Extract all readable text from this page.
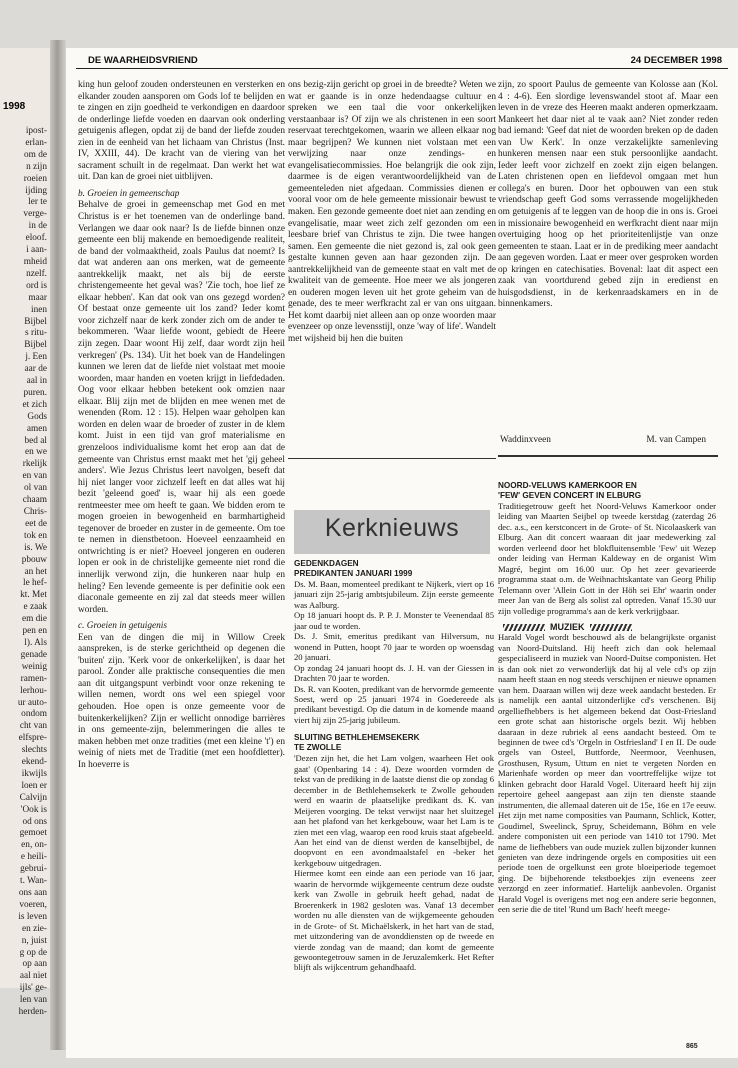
1998
ipost-
erlan-
om de
n zijn
roeien
ijding
ler te
verge-
in de
eloof.
i aan-
mheid
nzelf.
ord is
maar
inen
Bijbel
s ritu-
Bijbel
j. Een
aar de
aal in
puren.
et zich
Gods
amen
bed al
en we
rkelijk
en van
ol van
chaam
Chris-
eet de
tok en
is. We
pbouw
an het
le hef-
kt. Met
e zaak
em die
pen en
l). Als
genade
weinig
ramen-
lerhou-
ur auto-
ondom
cht van
elfspre-
slechts
ekend-
ikwijls
loen er
Calvijn
'Ook is
od ons
gemoet
en, on-
e heili-
gebrui-
t. Wan-
ons aan
voeren,
is leven
en zie-
n, juist
g op de
op aan
aal niet
ijls' ge-
len van
herden-
DE WAARHEIDSVRIEND	24 DECEMBER 1998

king hun geloof zouden ondersteunen en versterken en elkander zouden aansporen om Gods lof te belijden en te zingen en zijn goedheid te verkondigen en daardoor de onderlinge liefde voeden en daarvan ook onderling getuigenis aflegen, opdat zij de band der liefde zouden zien in de eenheid van het lichaam van Christus (Inst. IV, XXIII, 44). De kracht van de viering van het sacrament schuilt in de regelmaat. Dan werkt het wat uit. Dan kan de groei niet uitblijven.

b. Groeien in gemeenschap

Behalve de groei in gemeenschap met God en met Christus is er het toenemen van de onderlinge band. Verlangen we daar ook naar? Is de liefde binnen onze gemeente een blij makende en bemoedigende realiteit, de band der volmaaktheid, zoals Paulus dat noemt? Is dat wat anderen aan ons merken, wat de gemeente aantrekkelijk maakt, net als bij de eerste christengemeente het geval was? 'Zie toch, hoe lief ze elkaar hebben'. Kan dat ook van ons gezegd worden? Of bestaat onze gemeente uit los zand? Ieder komt voor zichzelf naar de kerk zonder zich om de ander te bekommeren. 'Waar liefde woont, gebiedt de Heere zijn zegen. Daar woont Hij zelf, daar wordt zijn heil verkregen' (Ps. 134). Uit het boek van de Handelingen kunnen we leren dat de liefde niet volstaat met mooie woorden, maar handen en voeten krijgt in liefdedaden. Oog voor elkaar hebben betekent ook omzien naar elkaar. Blij zijn met de blijden en mee wenen met de wenenden (Rom. 12 : 15). Helpen waar geholpen kan worden en delen waar de broeder of zuster in de klem komt. Juist in een tijd van grof materialisme en grenzeloos individualisme komt het erop aan dat de gemeente van Christus ernst maakt met het 'gij geheel anders'. Wie Jezus Christus leert navolgen, beseft dat hij niet langer voor zichzelf leeft en dat alles wat hij bezit 'geleend goed' is, waar hij als een goede rentmeester mee om heeft te gaan. We bidden erom te mogen groeien in bewogenheid en barmhartigheid tegenover de broeder en zuster in de gemeente. Om toe te nemen in dienstbetoon. Hoeveel eenzaamheid en ontwrichting is er niet? Hoeveel jongeren en ouderen lopen er ook in de christelijke gemeente niet rond die innerlijk verwond zijn, die hunkeren naar hulp en heling? Een levende gemeente is per definitie ook een diaconale gemeente en zij zal dat steeds meer willen worden.

c. Groeien in getuigenis

Een van de dingen die mij in Willow Creek aanspreken, is de sterke gerichtheid op degenen die 'buiten' zijn. 'Kerk voor de onkerkelijken', is daar het parool. Zonder alle praktische consequenties die men aan dit uitgangspunt verbindt voor onze rekening te willen nemen, wordt ons wel een spiegel voor gehouden. Hoe open is onze gemeente voor de buitenkerkelijken? Zijn er wellicht onnodige barrières in ons gemeente-zijn, belemmeringen die alles te maken hebben met onze tradities (met een kleine 't') en weinig of niets met de Traditie (met een hoofdletter). In hoeverre is

ons bezig-zijn gericht op groei in de breedte? Weten we wat er gaande is in onze hedendaagse cultuur en spreken we een taal die voor onkerkelijken verstaanbaar is? Of zijn we als christenen in een soort reservaat terechtgekomen, waarin we alleen elkaar nog maar begrijpen? We kunnen niet volstaan met een verwijzing naar onze zendings- en evangelisatiecommissies. Hoe belangrijk die ook zijn, daarmee is de eigen verantwoordelijkheid van de gemeenteleden niet afgedaan. Commissies dienen er vooral voor om de hele gemeente missionair bewust te maken. Een gezonde gemeente doet niet aan zending en evangelisatie, maar weet zich zelf gezonden om een leesbare brief van Christus te zijn. Die twee hangen samen. Een gemeente die niet gezond is, zal ook geen gestalte kunnen geven aan haar gezonden zijn. De aantrekkelijkheid van de gemeente staat en valt met de kwaliteit van de gemeente. Hoe meer we als jongeren en ouderen mogen leven uit het grote geheim van de genade, des te meer werfkracht zal er van ons uitgaan. Het komt daarbij niet alleen aan op onze woorden maar evenzeer op onze levensstijl, onze 'way of life'. Wandelt met wijsheid bij hen die buiten

zijn, zo spoort Paulus de gemeente van Kolosse aan (Kol. 4 : 4-6). Een slordige levenswandel stoot af. Maar een leven in de vreze des Heeren maakt anderen opmerkzaam. Mankeert het daar niet al te vaak aan? Niet zonder reden bad iemand: 'Geef dat niet de woorden breken op de daden van Uw Kerk'. In onze verzakelijkte samenleving hunkeren mensen naar een stuk persoonlijke aandacht. Ieder leeft voor zichzelf en zoekt zijn eigen belangen. Laten christenen open en liefdevol omgaan met hun collega's en buren. Door het opbouwen van een stuk vriendschap geeft God soms verrassende mogelijkheden om getuigenis af te leggen van de hoop die in ons is. Groei in missionaire bewogenheid en werfkracht dient naar mijn overtuiging hoog op het prioriteitenlijstje van onze gemeenten te staan. Laat er in de prediking meer aandacht aan gegeven worden. Laat er meer over gesproken worden op kringen en catechisaties. Bovenal: laat dit aspect een zaak van voortdurend gebed zijn in eredienst en huisgodsdienst, in de kerkenraadskamers en in de binnenkamers.

Waddinxveen	M. van Campen
Kerknieuws
GEDENKDAGEN
PREDIKANTEN JANUARI 1999

Ds. M. Baan, momenteel predikant te Nijkerk, viert op 16 januari zijn 25-jarig ambtsjubileum. Zijn eerste gemeente was Aalburg.

Op 18 januari hoopt ds. P. P. J. Monster te Veenendaal 85 jaar oud te worden.

Ds. J. Smit, emeritus predikant van Hilversum, nu wonend in Putten, hoopt 70 jaar te worden op woensdag 20 januari.

Op zondag 24 januari hoopt ds. J. H. van der Giessen in Drachten 70 jaar te worden.

Ds. R. van Kooten, predikant van de hervormde gemeente Soest, werd op 25 januari 1974 in Goedereede als predikant bevestigd. Op die datum in de komende maand viert hij zijn 25-jarig jubileum.

SLUITING BETHLEHEMSEKERK
TE ZWOLLE

'Dezen zijn het, die het Lam volgen, waarheen Het ook gaat' (Openbaring 14 : 4). Deze woorden vormden de tekst van de prediking in de laatste dienst die op zondag 6 december in de Bethlehemsekerk te Zwolle gehouden werd en waarin de plaatselijke predikant ds. K. van Meijeren voorging. De tekst verwijst naar het sluitzegel aan het plafond van het kerkgebouw, waar het Lam is te zien met een vlag, waarop een rood kruis staat afgebeeld. Aan het eind van de dienst werden de kanselbijbel, de doopvont en een avondmaalstafel en -beker het kerkgebouw uitgedragen.

Hiermee komt een einde aan een periode van 16 jaar, waarin de hervormde wijkgemeente centrum deze oudste kerk van Zwolle in gebruik heeft gehad, nadat de Broerenkerk in 1982 gesloten was. Vanaf 13 december worden nu alle diensten van de wijkgemeente gehouden in de Grote- of St. Michaëlskerk, in het hart van de stad, met uitzondering van de avonddiensten op de tweede en vierde zondag van de maand; dan komt de gemeente gewoontegetrouw samen in de Jeruzalemkerk. Het Refter blijft als wijkcentrum gehandhaafd.

NOORD-VELUWS KAMERKOOR EN
'FEW' GEVEN CONCERT IN ELBURG

Traditiegetrouw geeft het Noord-Veluws Kamerkoor onder leiding van Maarten Seijbel op tweede kerstdag (zaterdag 26 dec. a.s., een kerstconcert in de Grote- of St. Nicolaaskerk van Elburg. Aan dit concert waaraan dit jaar medewerking zal worden verleend door het blokfluitensemble 'Few' uit Wezep onder leiding van Herman Kaldeway en de organist Wim Magré, begint om 16.00 uur. Op het zeer gevarieerde programma staat o.m. de Weihnachtskantate van Georg Philip Telemann over 'Allein Gott in der Höh sei Ehr' waarin onder meer Jan van de Berg als solist zal optreden. Vanaf 15.30 uur zijn volledige programma's aan de kerk verkrijgbaar.

MUZIEK

Harald Vogel wordt beschouwd als de belangrijkste organist van Noord-Duitsland. Hij heeft zich dan ook helemaal gespecialiseerd in muziek van Noord-Duitse componisten. Het is dan ook niet zo verwonderlijk dat hij al vele cd's op zijn naam heeft staan en nog steeds verschijnen er nieuwe opnamen van hem. Daaraan willen wij deze week aandacht besteden. Er is namelijk een aantal uitzonderlijke cd's verschenen. Bij orgelliefhebbers is het algemeen bekend dat Oost-Friesland een grote schat aan historische orgels bezit. Wij hebben daaraan in deze rubriek al eens aandacht besteed. Om te beginnen de twee cd's 'Orgeln in Ostfriesland' I en II. De oude orgels van Osteel, Buttforde, Neermoor, Veenhusen, Grosthusen, Rysum, Uttum en niet te vergeten Norden en Marienhafe worden op meer dan voortreffelijke wijze tot klinken gebracht door Harald Vogel. Uiteraard heeft hij zijn repertoire geheel aangepast aan zijn ten dienste staande instrumenten, die allemaal dateren uit de 15e, 16e en 17e eeuw. Het zijn met name composities van Paumann, Schlick, Kotter, Goudimel, Sweelinck, Spruy, Scheidemann, Böhm en vele andere componisten uit een periode van 1410 tot 1790. Met name de liefhebbers van oude muziek zullen bijzonder kunnen genieten van deze indringende orgels en composities uit een periode toen de orgelkunst een grote bloeiperiode tegemoet ging. De bijbehorende tekstboekjes zijn eveneens zeer verzorgd en zeer informatief. Hartelijk aanbevolen. Organist Harald Vogel is overigens met nog een andere serie begonnen, een serie die de titel 'Rund um Bach' heeft meege-

865
